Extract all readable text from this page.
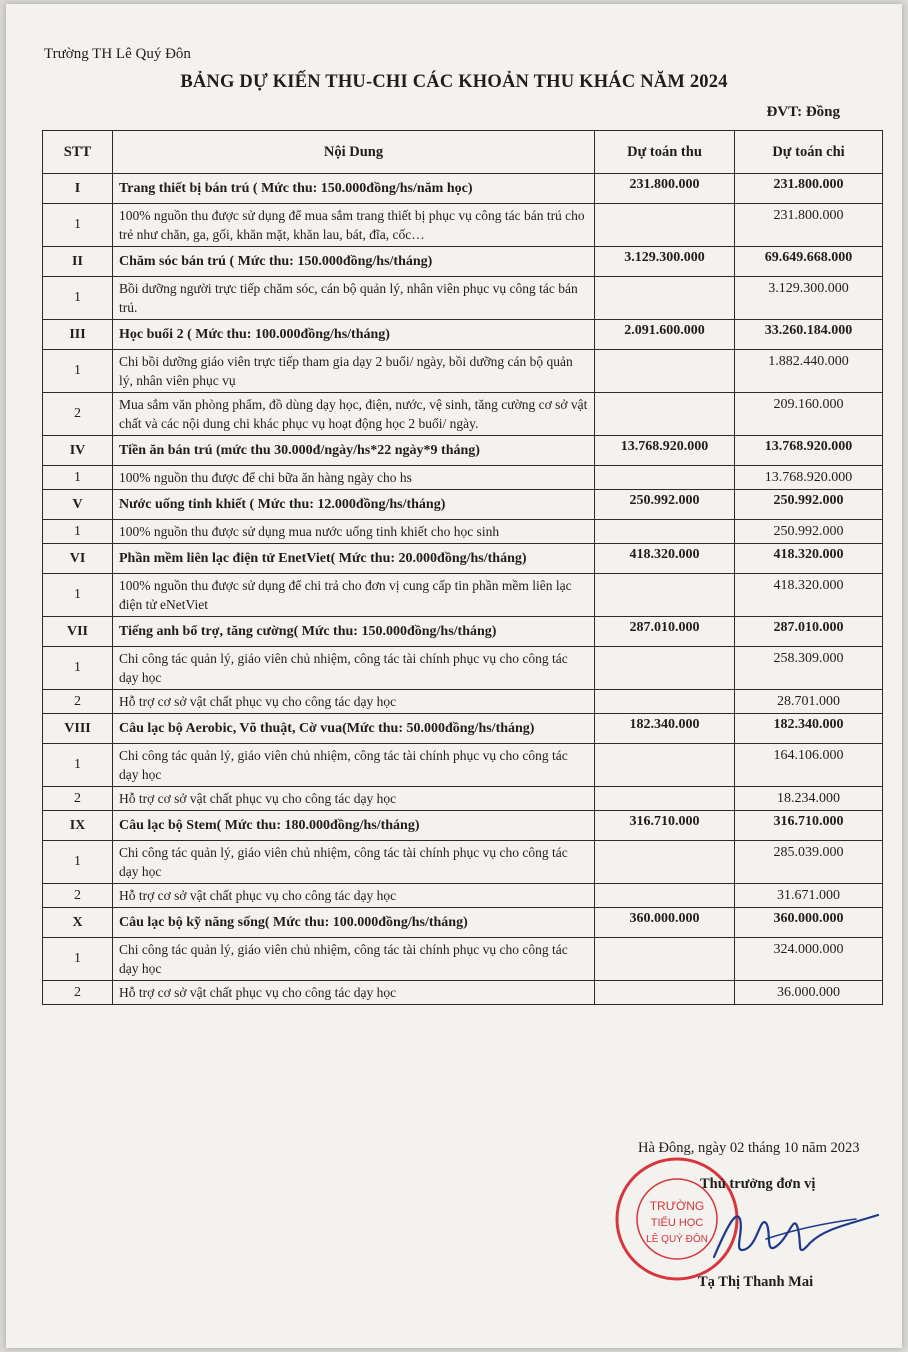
Trường TH Lê Quý Đôn
BẢNG DỰ KIẾN THU-CHI CÁC KHOẢN THU KHÁC NĂM 2024
ĐVT: Đồng
STT	Nội Dung	Dự toán thu	Dự toán chi
I	Trang thiết bị bán trú ( Mức thu: 150.000đồng/hs/năm học)	231.800.000	231.800.000
1	100% nguồn thu được sử dụng để mua sắm trang thiết bị phục vụ công tác bán trú cho trẻ như chăn, ga, gối, khăn mặt, khăn lau, bát, đĩa, cốc…		231.800.000
II	Chăm sóc bán trú ( Mức thu: 150.000đồng/hs/tháng)	3.129.300.000	69.649.668.000
1	Bồi dưỡng người trực tiếp chăm sóc, cán bộ quản lý, nhân viên phục vụ công tác bán trú.		3.129.300.000
III	Học buổi 2 ( Mức thu: 100.000đồng/hs/tháng)	2.091.600.000	33.260.184.000
1	Chi bồi dưỡng giáo viên trực tiếp tham gia dạy 2 buổi/ ngày, bồi dưỡng cán bộ quản lý, nhân viên phục vụ		1.882.440.000
2	Mua sắm văn phòng phẩm, đồ dùng dạy học, điện, nước, vệ sinh, tăng cường cơ sở vật chất và các nội dung chi khác phục vụ hoạt động học 2 buổi/ ngày.		209.160.000
IV	Tiền ăn bán trú (mức thu 30.000đ/ngày/hs*22 ngày*9 tháng)	13.768.920.000	13.768.920.000
1	100% nguồn thu được để chi bữa ăn hàng ngày cho hs		13.768.920.000
V	Nước uống tinh khiết ( Mức thu: 12.000đồng/hs/tháng)	250.992.000	250.992.000
1	100% nguồn thu được sử dụng mua nước uống tinh khiết cho học sinh		250.992.000
VI	Phần mềm liên lạc điện tử EnetViet( Mức thu: 20.000đồng/hs/tháng)	418.320.000	418.320.000
1	100% nguồn thu được sử dụng để chi trả cho đơn vị cung cấp tin phần mềm liên lạc điện tử eNetViet		418.320.000
VII	Tiếng anh bổ trợ, tăng cường( Mức thu: 150.000đồng/hs/tháng)	287.010.000	287.010.000
1	Chi công tác quản lý, giáo viên chủ nhiệm, công tác tài chính phục vụ cho công tác dạy học		258.309.000
2	Hỗ trợ cơ sở vật chất phục vụ cho công tác dạy học		28.701.000
VIII	Câu lạc bộ Aerobic, Võ thuật, Cờ vua(Mức thu: 50.000đồng/hs/tháng)	182.340.000	182.340.000
1	Chi công tác quản lý, giáo viên chủ nhiệm, công tác tài chính phục vụ cho công tác dạy học		164.106.000
2	Hỗ trợ cơ sở vật chất phục vụ cho công tác dạy học		18.234.000
IX	Câu lạc bộ Stem( Mức thu: 180.000đồng/hs/tháng)	316.710.000	316.710.000
1	Chi công tác quản lý, giáo viên chủ nhiệm, công tác tài chính phục vụ cho công tác dạy học		285.039.000
2	Hỗ trợ cơ sở vật chất phục vụ cho công tác dạy học		31.671.000
X	Câu lạc bộ kỹ năng sống( Mức thu: 100.000đồng/hs/tháng)	360.000.000	360.000.000
1	Chi công tác quản lý, giáo viên chủ nhiệm, công tác tài chính phục vụ cho công tác dạy học		324.000.000
2	Hỗ trợ cơ sở vật chất phục vụ cho công tác dạy học		36.000.000
Hà Đông, ngày 02 tháng 10 năm 2023
TRƯỜNG
TIỂU HỌC
LÊ QUÝ ĐÔN
Thủ trưởng đơn vị
Tạ Thị Thanh Mai
